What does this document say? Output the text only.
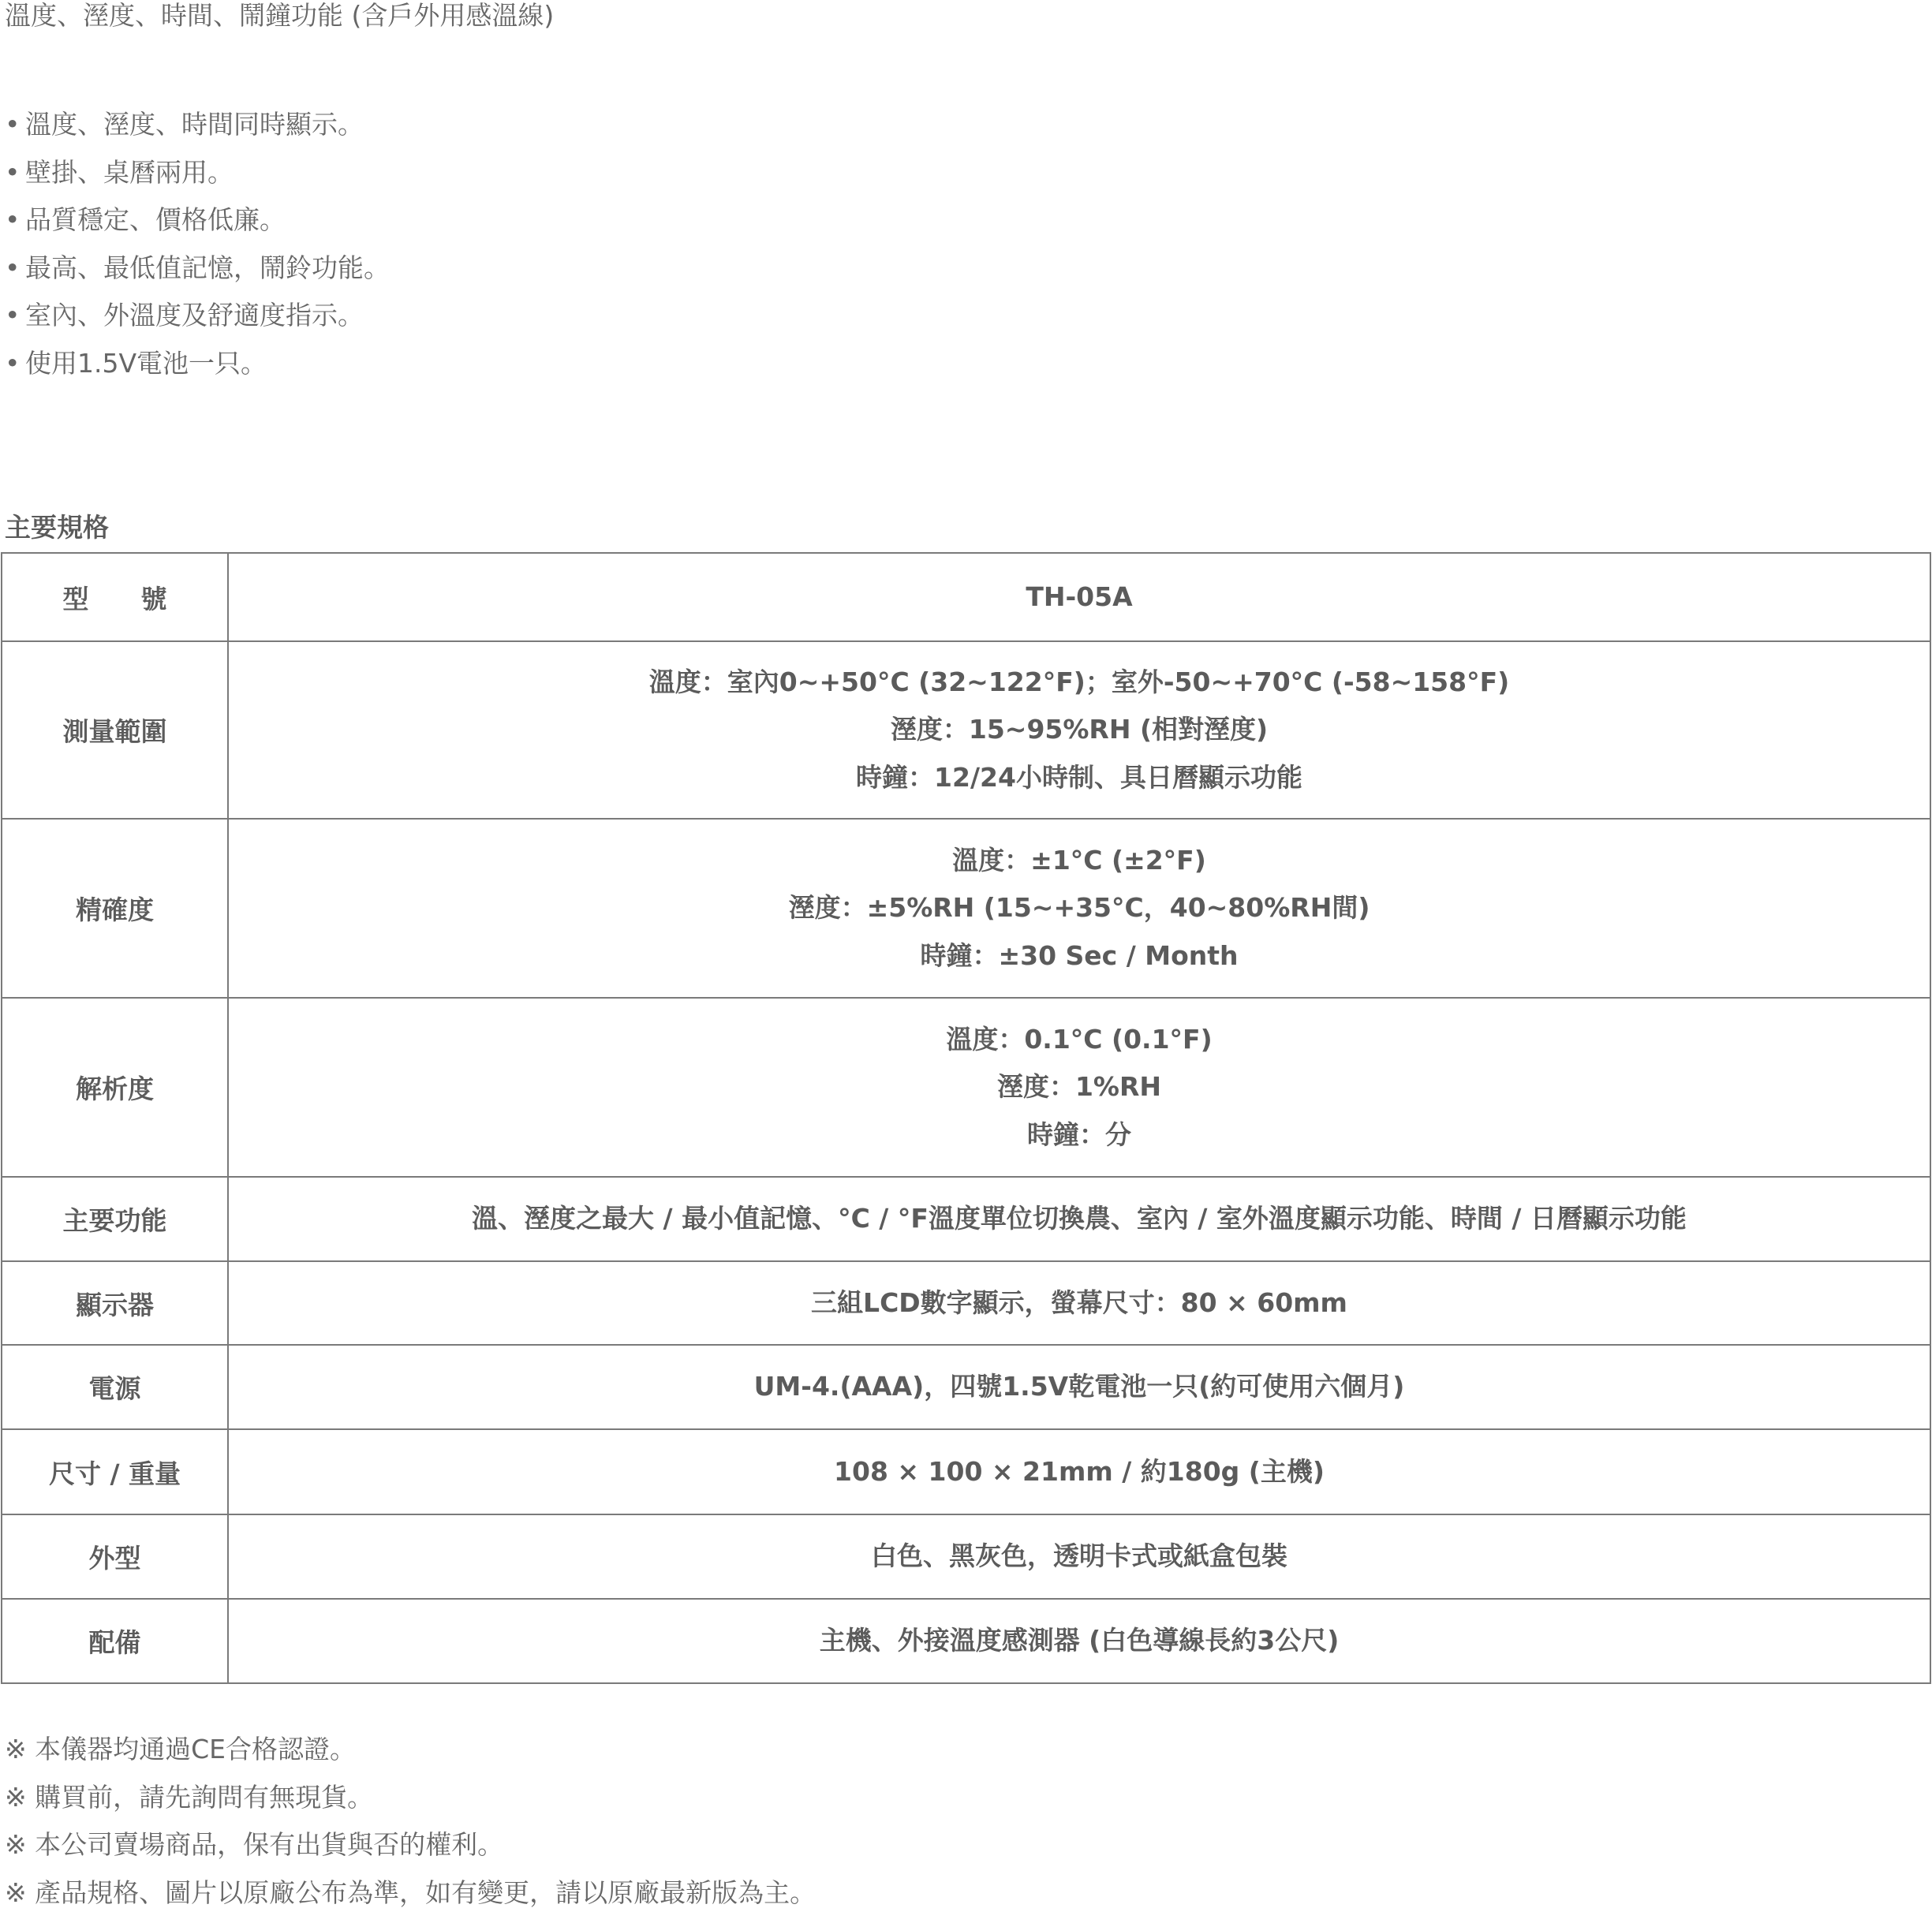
溫度、溼度、時間、鬧鐘功能 (含戶外用感溫線)
• 溫度、溼度、時間同時顯示。
• 壁掛、桌曆兩用。
• 品質穩定、價格低廉。
• 最高、最低值記憶，鬧鈴功能。
• 室內、外溫度及舒適度指示。
• 使用1.5V電池一只。
主要規格
型　　號	TH-05A

測量範圍	溫度：室內0~+50°C (32~122°F)；室外-50~+70°C (-58~158°F)
溼度：15~95%RH (相對溼度)
時鐘：12/24小時制、具日曆顯示功能

精確度	溫度：±1°C (±2°F)
溼度：±5%RH (15~+35°C，40~80%RH間)
時鐘：±30 Sec / Month

解析度	溫度：0.1°C (0.1°F)
溼度：1%RH
時鐘：分

主要功能	溫、溼度之最大 / 最小值記憶、°C / °F溫度單位切換農、室內 / 室外溫度顯示功能、時間 / 日曆顯示功能

顯示器	三組LCD數字顯示，螢幕尺寸：80 × 60mm

電源	UM-4.(AAA)，四號1.5V乾電池一只(約可使用六個月)

尺寸 / 重量	108 × 100 × 21mm / 約180g (主機)

外型	白色、黑灰色，透明卡式或紙盒包裝

配備	主機、外接溫度感測器 (白色導線長約3公尺)
※ 本儀器均通過CE合格認證。
※ 購買前，請先詢問有無現貨。
※ 本公司賣場商品，保有出貨與否的權利。
※ 產品規格、圖片以原廠公布為準，如有變更，請以原廠最新版為主。
